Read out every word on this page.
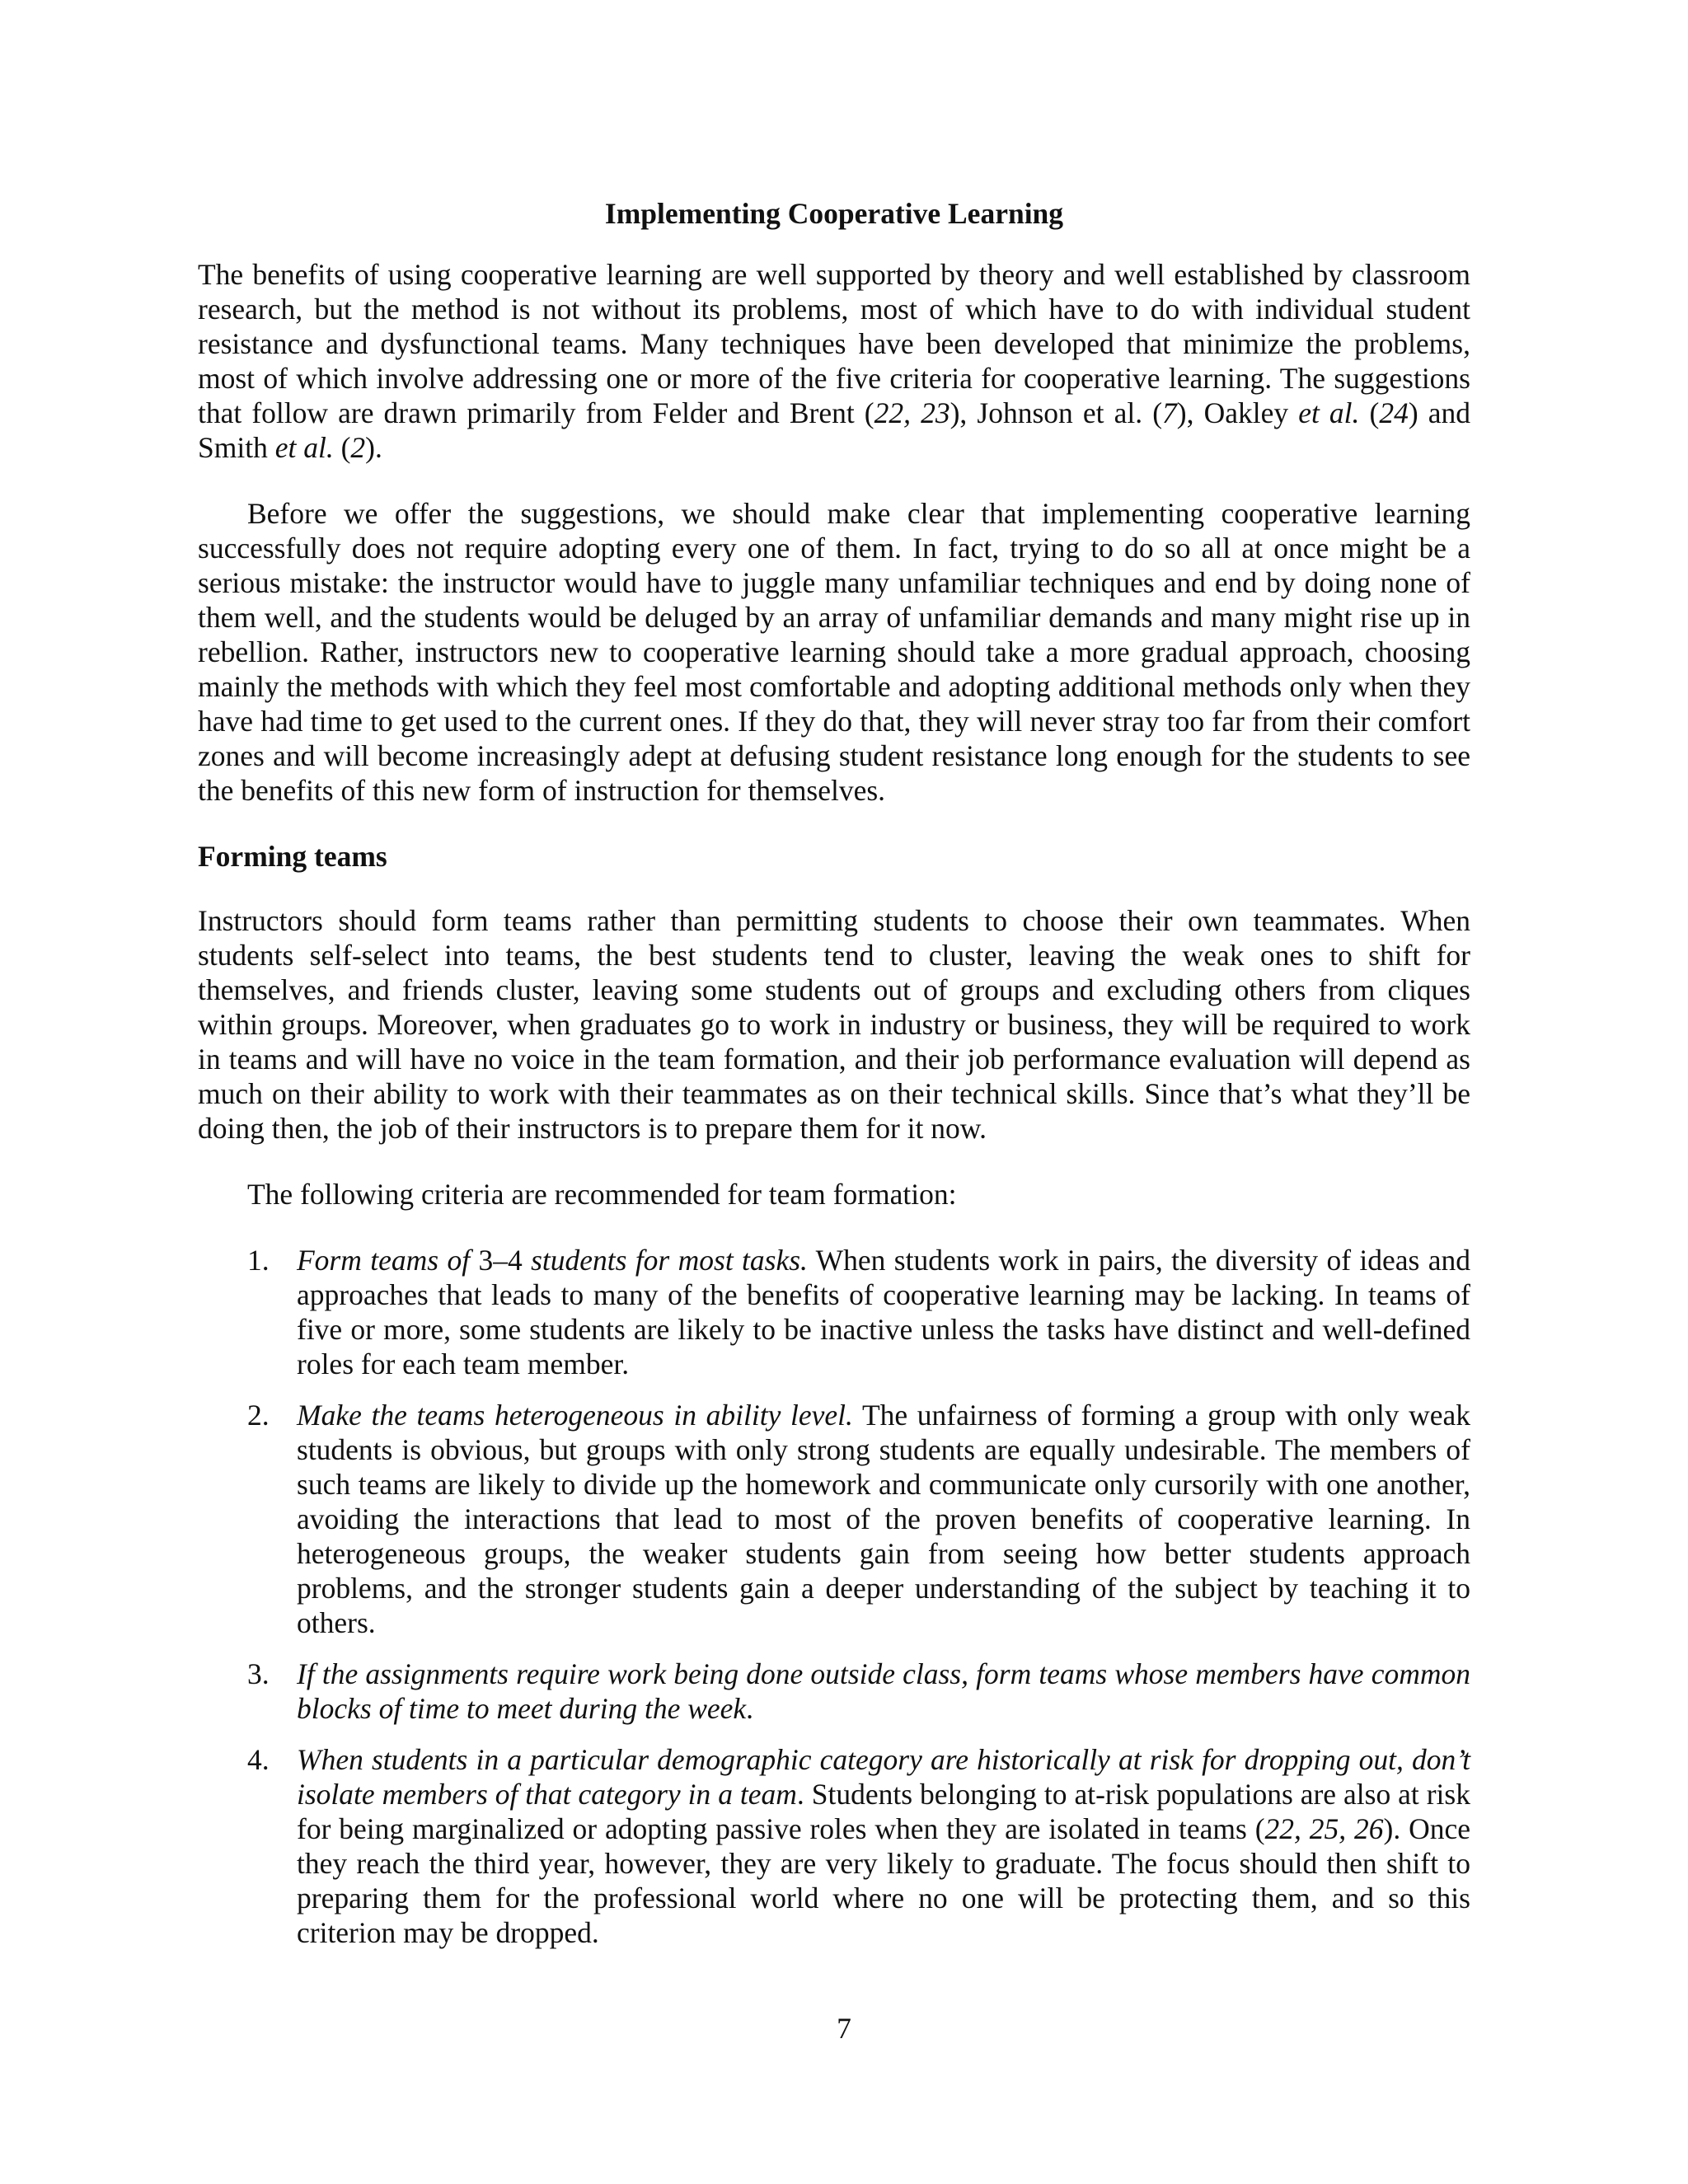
Implementing Cooperative Learning

The benefits of using cooperative learning are well supported by theory and well established by classroom research, but the method is not without its problems, most of which have to do with individual student resistance and dysfunctional teams. Many techniques have been developed that minimize the problems, most of which involve addressing one or more of the five criteria for cooperative learning. The suggestions that follow are drawn primarily from Felder and Brent (22, 23), Johnson et al. (7), Oakley et al. (24) and Smith et al. (2).

Before we offer the suggestions, we should make clear that implementing cooperative learning successfully does not require adopting every one of them. In fact, trying to do so all at once might be a serious mistake: the instructor would have to juggle many unfamiliar techniques and end by doing none of them well, and the students would be deluged by an array of unfamiliar demands and many might rise up in rebellion. Rather, instructors new to cooperative learning should take a more gradual approach, choosing mainly the methods with which they feel most comfortable and adopting additional methods only when they have had time to get used to the current ones. If they do that, they will never stray too far from their comfort zones and will become increasingly adept at defusing student resistance long enough for the students to see the benefits of this new form of instruction for themselves.

Forming teams

Instructors should form teams rather than permitting students to choose their own teammates. When students self-select into teams, the best students tend to cluster, leaving the weak ones to shift for themselves, and friends cluster, leaving some students out of groups and excluding others from cliques within groups. Moreover, when graduates go to work in industry or business, they will be required to work in teams and will have no voice in the team formation, and their job performance evaluation will depend as much on their ability to work with their teammates as on their technical skills. Since that’s what they’ll be doing then, the job of their instructors is to prepare them for it now.

The following criteria are recommended for team formation:

1. Form teams of 3–4 students for most tasks. When students work in pairs, the diversity of ideas and approaches that leads to many of the benefits of cooperative learning may be lacking. In teams of five or more, some students are likely to be inactive unless the tasks have distinct and well-defined roles for each team member.
2. Make the teams heterogeneous in ability level. The unfairness of forming a group with only weak students is obvious, but groups with only strong students are equally undesirable. The members of such teams are likely to divide up the homework and communicate only cursorily with one another, avoiding the interactions that lead to most of the proven benefits of cooperative learning. In heterogeneous groups, the weaker students gain from seeing how better students approach problems, and the stronger students gain a deeper understanding of the subject by teaching it to others.
3. If the assignments require work being done outside class, form teams whose members have common blocks of time to meet during the week.
4. When students in a particular demographic category are historically at risk for dropping out, don’t isolate members of that category in a team. Students belonging to at-risk populations are also at risk for being marginalized or adopting passive roles when they are isolated in teams (22, 25, 26). Once they reach the third year, however, they are very likely to graduate. The focus should then shift to preparing them for the professional world where no one will be protecting them, and so this criterion may be dropped.
7
